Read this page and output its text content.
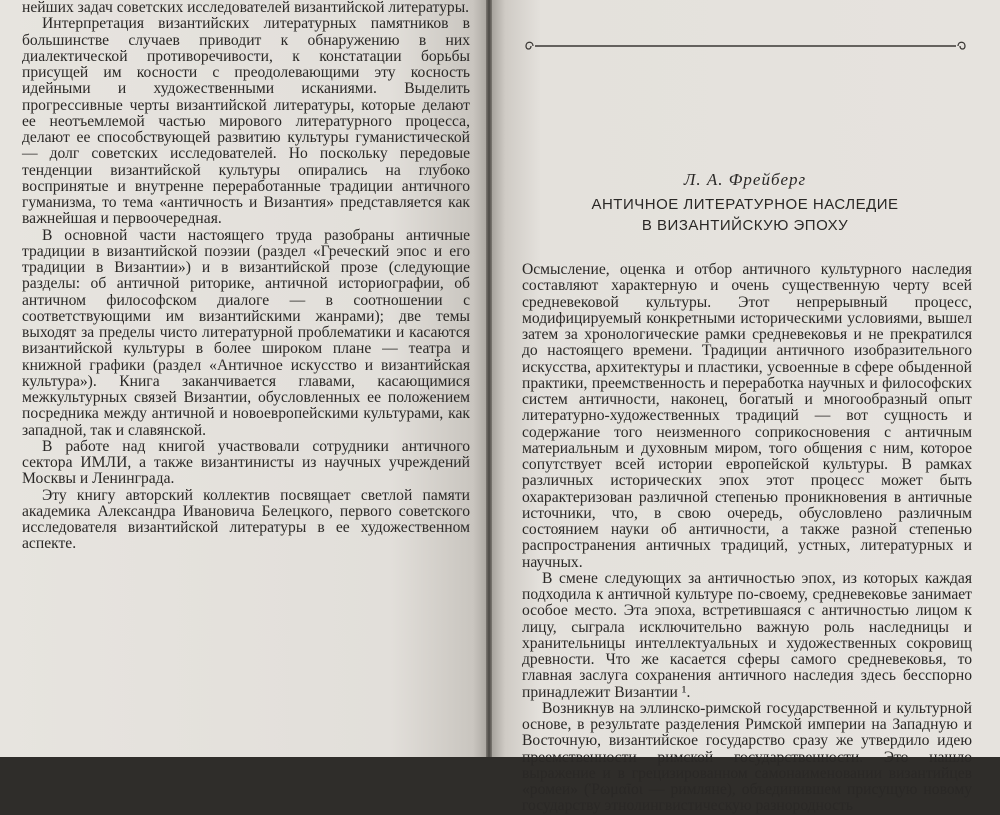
нейших задач советских исследователей византийской литературы.

Интерпретация византийских литературных памятников в большинстве случаев приводит к обнаружению в них диалектической противоречивости, к констатации борьбы присущей им косности с преодолевающими эту косность идейными и художественными исканиями. Выделить прогрессивные черты византийской литературы, которые делают ее неотъемлемой частью мирового литературного процесса, делают ее способствующей развитию культуры гуманистической — долг советских исследователей. Но поскольку передовые тенденции византийской культуры опирались на глубоко воспринятые и внутренне переработанные традиции античного гуманизма, то тема «античность и Византия» представляется как важнейшая и первоочередная.

В основной части настоящего труда разобраны античные традиции в византийской поэзии (раздел «Греческий эпос и его традиции в Византии») и в византийской прозе (следующие разделы: об античной риторике, античной историографии, об античном философском диалоге — в соотношении с соответствующими им византийскими жанрами); две темы выходят за пределы чисто литературной проблематики и касаются византийской культуры в более широком плане — театра и книжной графики (раздел «Античное искусство и византийская культура»). Книга заканчивается главами, касающимися межкультурных связей Византии, обусловленных ее положением посредника между античной и новоевропейскими культурами, как западной, так и славянской.

В работе над книгой участвовали сотрудники античного сектора ИМЛИ, а также византинисты из научных учреждений Москвы и Ленинграда.

Эту книгу авторский коллектив посвящает светлой памяти академика Александра Ивановича Белецкого, первого советского исследователя византийской литературы в ее художественном аспекте.

Л. А. Фрейберг
АНТИЧНОЕ ЛИТЕРАТУРНОЕ НАСЛЕДИЕ
В ВИЗАНТИЙСКУЮ ЭПОХУ

Осмысление, оценка и отбор античного культурного наследия составляют характерную и очень существенную черту всей средневековой культуры. Этот непрерывный процесс, модифицируемый конкретными историческими условиями, вышел затем за хронологические рамки средневековья и не прекратился до настоящего времени. Традиции античного изобразительного искусства, архитектуры и пластики, усвоенные в сфере обыденной практики, преемственность и переработка научных и философских систем античности, наконец, богатый и многообразный опыт литературно-художественных традиций — вот сущность и содержание того неизменного соприкосновения с античным материальным и духовным миром, того общения с ним, которое сопутствует всей истории европейской культуры. В рамках различных исторических эпох этот процесс может быть охарактеризован различной степенью проникновения в античные источники, что, в свою очередь, обусловлено различным состоянием науки об античности, а также разной степенью распространения античных традиций, устных, литературных и научных.

В смене следующих за античностью эпох, из которых каждая подходила к античной культуре по-своему, средневековье занимает особое место. Эта эпоха, встретившаяся с античностью лицом к лицу, сыграла исключительно важную роль наследницы и хранительницы интеллектуальных и художественных сокровищ древности. Что же касается сферы самого средневековья, то главная заслуга сохранения античного наследия здесь бесспорно принадлежит Византии ¹.

Возникнув на эллинско-римской государственной и культурной основе, в результате разделения Римской империи на Западную и Восточную, византийское государство сразу же утвердило идею преемственности римской государственности. Это нашло выражение и в грецизированном самонаименовании византийцев «ромеи» (Ῥωμαῖοι — римляне), объединившем присущую новому государству этнолингвистическую разнородность
